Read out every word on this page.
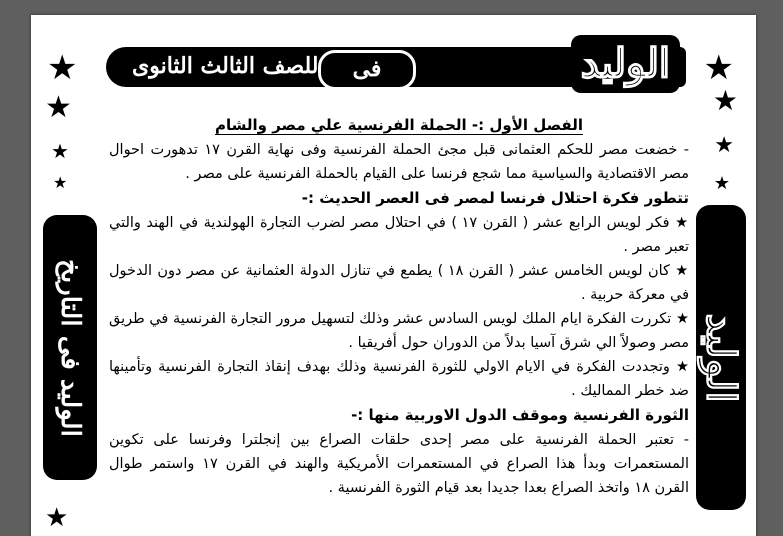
للصف الثالث الثانوى	فى التاريخ
الوليد ★
★
★
★
★
★
★
★
★
الوليد
الوليد فى التاريخ
الفصل الأول :- الحملة الفرنسية علي مصر والشام

- خضعت مصر للحكم العثمانى قبل مجئ الحملة الفرنسية وفى نهاية القرن ١٧ تدهورت احوال مصر الاقتصادية والسياسية مما شجع فرنسا على القيام بالحملة الفرنسية على مصر .

تتطور فكرة احتلال فرنسا لمصر فى العصر الحديث :-

★ فكر لويس الرابع عشر ( القرن ١٧ ) في احتلال مصر لضرب التجارة الهولندية في الهند والتي تعبر مصر .

★ كان لويس الخامس عشر ( القرن ١٨ ) يطمع في تنازل الدولة العثمانية عن مصر دون الدخول في معركة حربية .

★ تكررت الفكرة ايام الملك لويس السادس عشر وذلك لتسهيل مرور التجارة الفرنسية في طريق مصر وصولاً الي شرق آسيا بدلاً من الدوران حول أفريقيا .

★ وتجددت الفكرة في الايام الاولي للثورة الفرنسية وذلك بهدف إنقاذ التجارة الفرنسية وتأمينها ضد خطر المماليك .

الثورة الفرنسية وموقف الدول الاوربية منها :-

- تعتبر الحملة الفرنسية على مصر إحدى حلقات الصراع بين إنجلترا وفرنسا على تكوين المستعمرات وبدأ هذا الصراع في المستعمرات الأمريكية والهند في القرن ١٧ واستمر طوال القرن ١٨ واتخذ الصراع بعدا جديدا بعد قيام الثورة الفرنسية .
